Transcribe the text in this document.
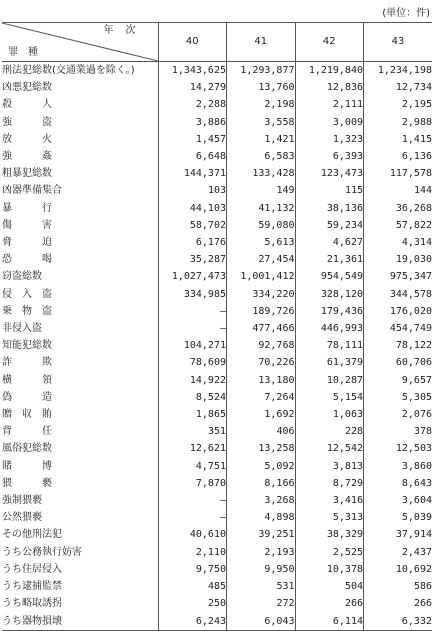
(単位：件)
年次
罪種	40	41	42	43
刑法犯総数(交通業過を除く。)	1,343,625	1,293,877	1,219,840	1,234,198
凶悪犯総数	14,279	13,760	12,836	12,734
殺　　　人	2,288	2,198	2,111	2,195
強　　　盗	3,886	3,558	3,009	2,988
放　　　火	1,457	1,421	1,323	1,415
強　　　姦	6,648	6,583	6,393	6,136
粗暴犯総数	144,371	133,428	123,473	117,578
凶器準備集合	103	149	115	144
暴　　　行	44,103	41,132	38,136	36,268
傷　　　害	58,702	59,080	59,234	57,822
脅　　　迫	6,176	5,613	4,627	4,314
恐　　　喝	35,287	27,454	21,361	19,030
窃盗総数	1,027,473	1,001,412	954,549	975,347
侵　入　盗	334,985	334,220	328,120	344,578
乗　物　盗	—	189,726	179,436	176,020
非侵入盗	—	477,466	446,993	454,749
知能犯総数	104,271	92,768	78,111	78,122
詐　　　欺	78,609	70,226	61,379	60,706
横　　　領	14,922	13,180	10,287	9,657
偽　　　造	8,524	7,264	5,154	5,305
贈　収　賄	1,865	1,692	1,063	2,076
背　　　任	351	406	228	378
風俗犯総数	12,621	13,258	12,542	12,503
賭　　　博	4,751	5,092	3,813	3,860
猥　　　褻	7,870	8,166	8,729	8,643
強制猥褻	—	3,268	3,416	3,604
公然猥褻	—	4,898	5,313	5,039
その他刑法犯	40,610	39,251	38,329	37,914
うち公務執行妨害	2,110	2,193	2,525	2,437
うち住居侵入	9,750	9,950	10,378	10,692
うち逮捕監禁	485	531	504	586
うち略取誘拐	250	272	266	266
うち器物損壊	6,243	6,043	6,114	6,332
